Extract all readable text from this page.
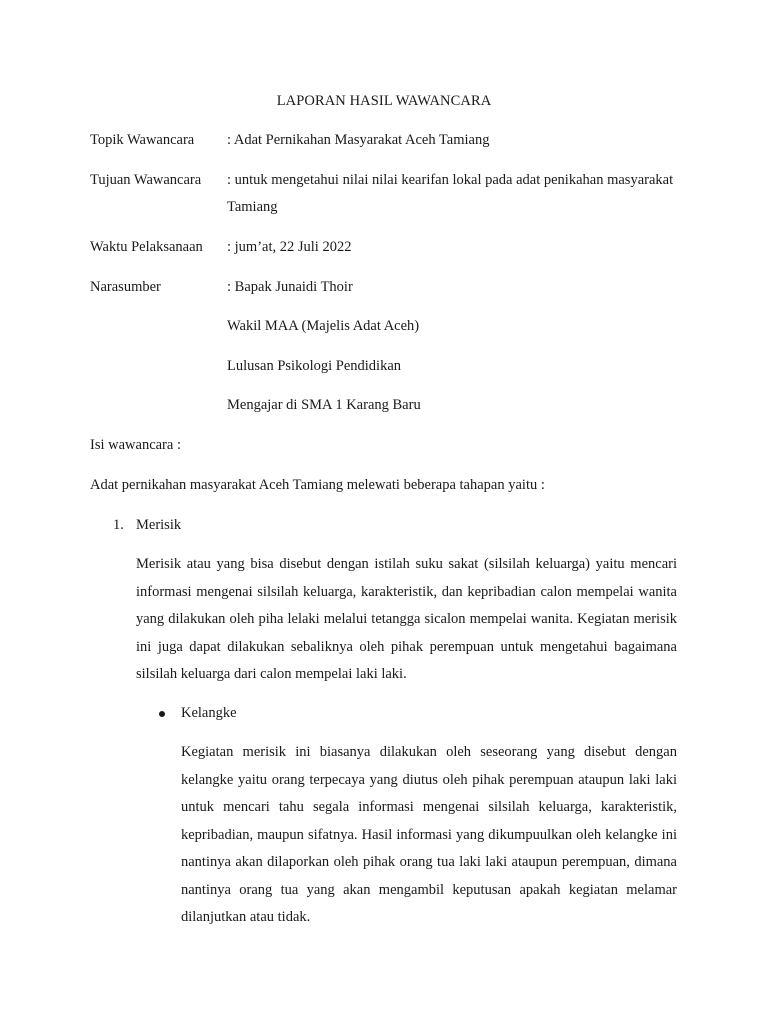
LAPORAN HASIL WAWANCARA
Topik Wawancara : Adat Pernikahan Masyarakat Aceh Tamiang
Tujuan Wawancara : untuk mengetahui nilai nilai kearifan lokal pada adat penikahan masyarakat Tamiang
Waktu Pelaksanaan : jum’at, 22 Juli 2022
Narasumber	: Bapak Junaidi Thoir
Wakil MAA (Majelis Adat Aceh)
Lulusan Psikologi Pendidikan
Mengajar di SMA 1 Karang Baru
Isi wawancara :
Adat pernikahan masyarakat Aceh Tamiang melewati beberapa tahapan yaitu :
1. Merisik
Merisik atau yang bisa disebut dengan istilah suku sakat (silsilah keluarga) yaitu mencari informasi mengenai silsilah keluarga, karakteristik, dan kepribadian calon mempelai wanita yang dilakukan oleh piha lelaki melalui tetangga sicalon mempelai wanita. Kegiatan merisik ini juga dapat dilakukan sebaliknya oleh pihak perempuan untuk mengetahui bagaimana silsilah keluarga dari calon mempelai laki laki.
Kelangke
Kegiatan merisik ini biasanya dilakukan oleh seseorang yang disebut dengan kelangke yaitu orang terpecaya yang diutus oleh pihak perempuan ataupun laki laki untuk mencari tahu segala informasi mengenai silsilah keluarga, karakteristik, kepribadian, maupun sifatnya. Hasil informasi yang dikumpuulkan oleh kelangke ini nantinya akan dilaporkan oleh pihak orang tua laki laki ataupun perempuan, dimana nantinya orang tua yang akan mengambil keputusan apakah kegiatan melamar dilanjutkan atau tidak.
